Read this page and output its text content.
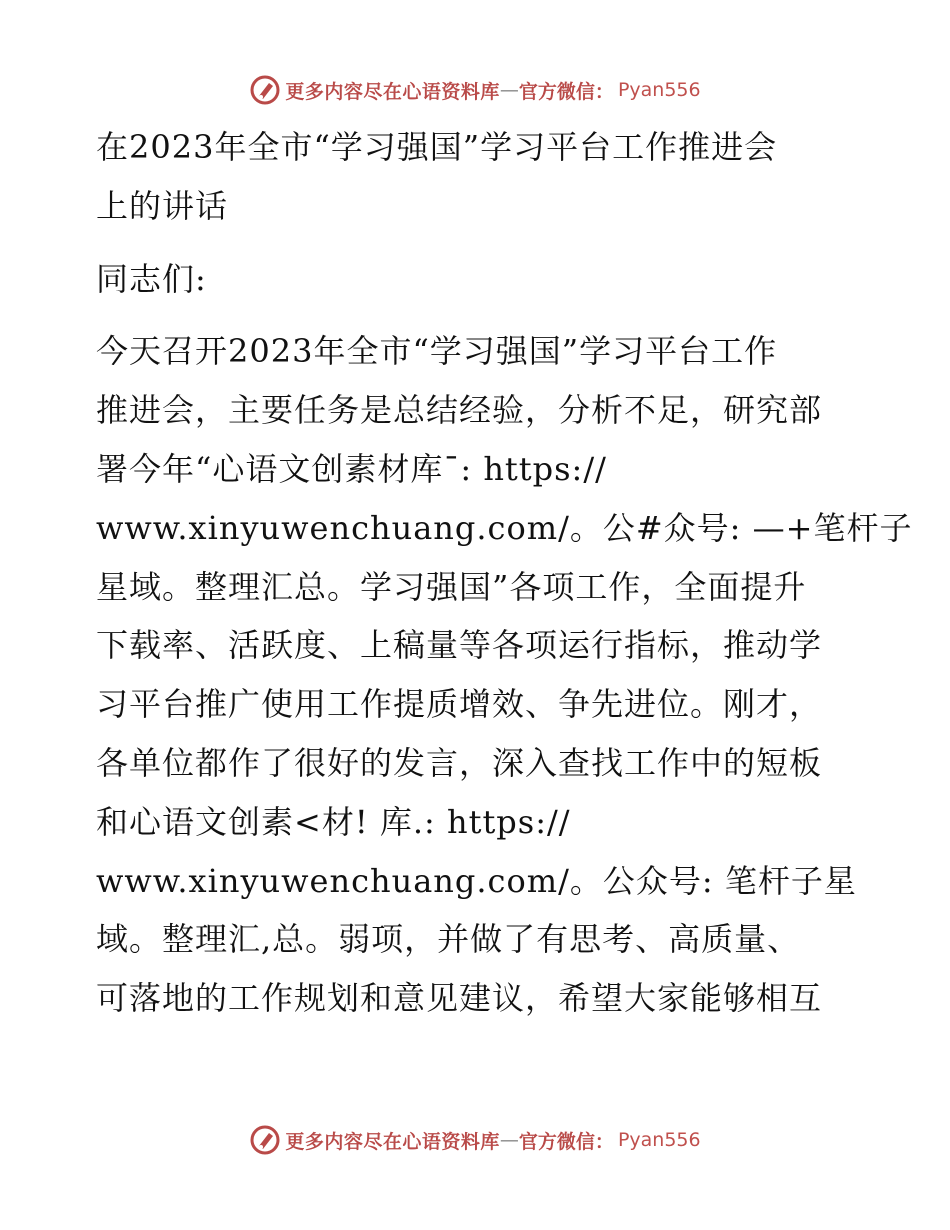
更多内容尽在心语资料库 — 官方微信： Pyan556
在2023年全市“学习强国”学习平台工作推进会
上的讲话
同志们:
今天召开2023年全市“学习强国”学习平台工作
推进会，主要任务是总结经验，分析不足，研究部
署今年“心语文创素材库¯: https://
www.xinyuwenchuang.com/。公#众号: —+笔杆子
星域。整理汇总。学习强国”各项工作，全面提升
下载率、活跃度、上稿量等各项运行指标，推动学
习平台推广使用工作提质增效、争先进位。刚才，
各单位都作了很好的发言，深入查找工作中的短板
和心语文创素<材! 库.: https://
www.xinyuwenchuang.com/。公众号: 笔杆子星
域。整理汇,总。弱项，并做了有思考、高质量、
可落地的工作规划和意见建议，希望大家能够相互
更多内容尽在心语资料库 — 官方微信： Pyan556
